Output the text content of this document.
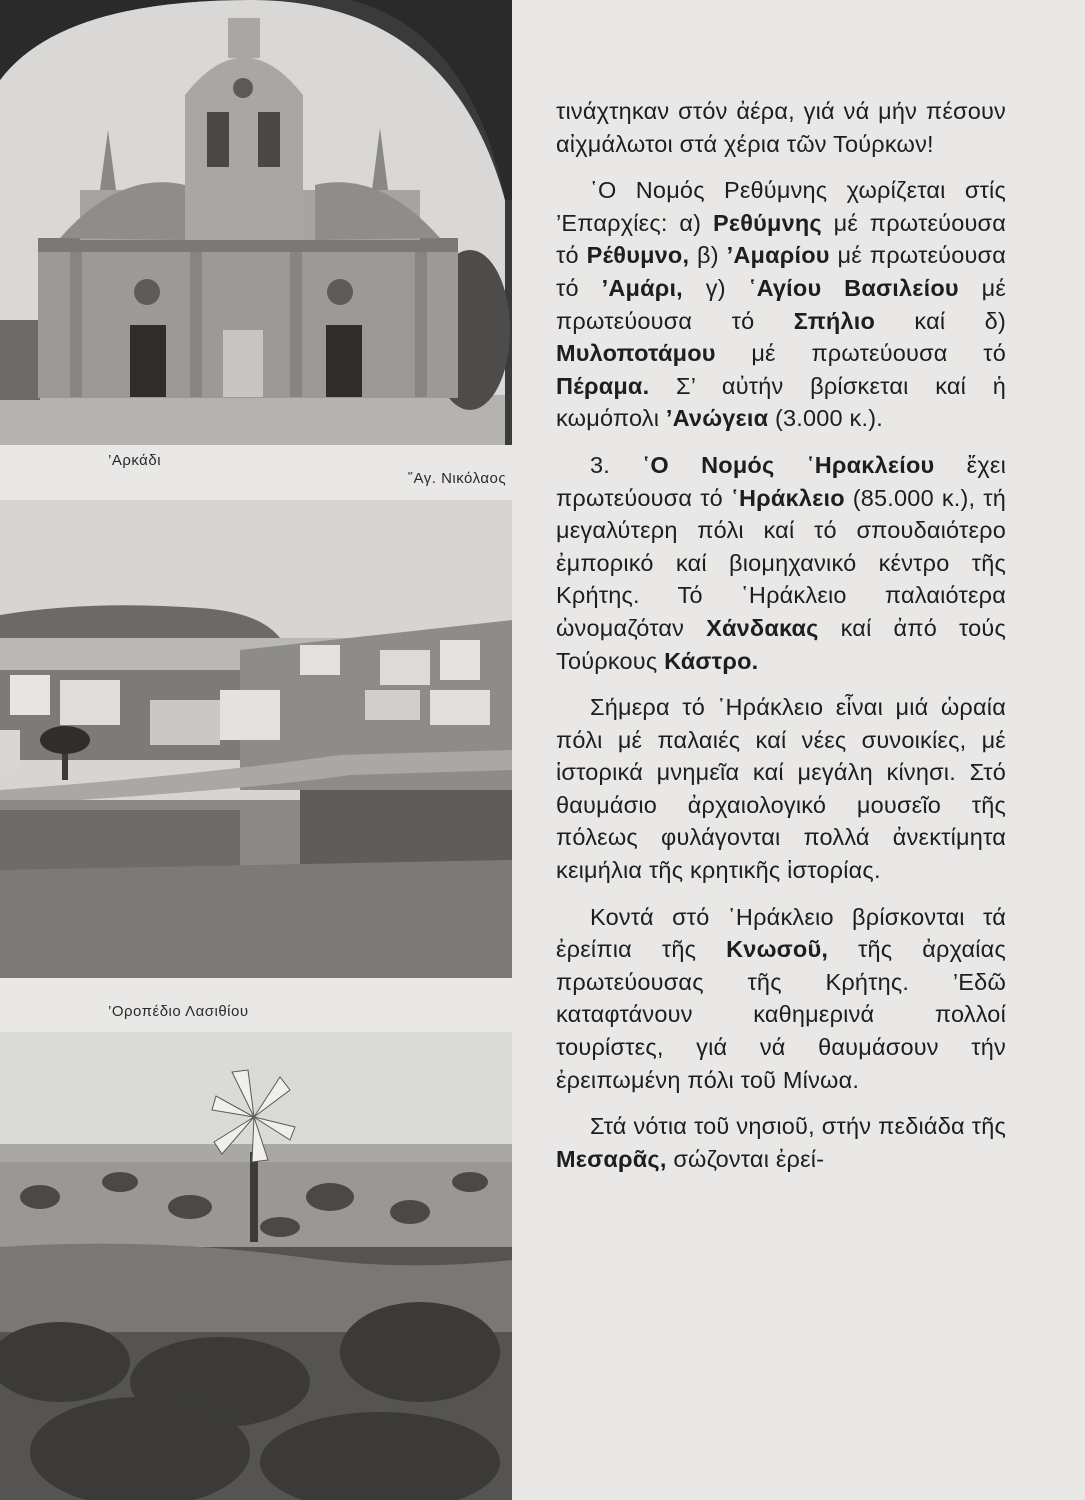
’Αρκάδι
῞Αγ. Νικόλαος
’Οροπέδιο Λασιθίου

τινάχτηκαν στόν ἀέρα, γιά νά μήν πέσουν αἰχμάλωτοι στά χέρια τῶν Τούρκων!

῾Ο Νομός Ρεθύμνης χωρίζεται στίς ’Επαρχίες: α) Ρεθύμνης μέ πρωτεύουσα τό Ρέθυμνο, β) ’Αμαρίου μέ πρωτεύουσα τό ’Αμάρι, γ) ῾Αγίου Βασιλείου μέ πρωτεύουσα τό Σπήλιο καί δ) Μυλοποτάμου μέ πρωτεύουσα τό Πέραμα. Σ’ αὐτήν βρίσκεται καί ἡ κωμόπολι ’Ανώγεια (3.000 κ.).

3. ῾Ο Νομός ῾Ηρακλείου ἔχει πρωτεύουσα τό ῾Ηράκλειο (85.000 κ.), τή μεγαλύτερη πόλι καί τό σπουδαιότερο ἐμπορικό καί βιομηχανικό κέντρο τῆς Κρήτης. Τό ῾Ηράκλειο παλαιότερα ὠνομαζόταν Χάνδακας καί ἀπό τούς Τούρκους Κάστρο.

Σήμερα τό ῾Ηράκλειο εἶναι μιά ὡραία πόλι μέ παλαιές καί νέες συνοικίες, μέ ἱστορικά μνημεῖα καί μεγάλη κίνησι. Στό θαυμάσιο ἀρχαιολογικό μουσεῖο τῆς πόλεως φυλάγονται πολλά ἀνεκτίμητα κειμήλια τῆς κρητικῆς ἱστορίας.

Κοντά στό ῾Ηράκλειο βρίσκονται τά ἐρείπια τῆς Κνωσοῦ, τῆς ἀρχαίας πρωτεύουσας τῆς Κρήτης. ’Εδῶ καταφτάνουν καθημερινά πολλοί τουρίστες, γιά νά θαυμάσουν τήν ἐρειπωμένη πόλι τοῦ Μίνωα.

Στά νότια τοῦ νησιοῦ, στήν πεδιάδα τῆς Μεσαρᾶς, σώζονται ἐρεί-
